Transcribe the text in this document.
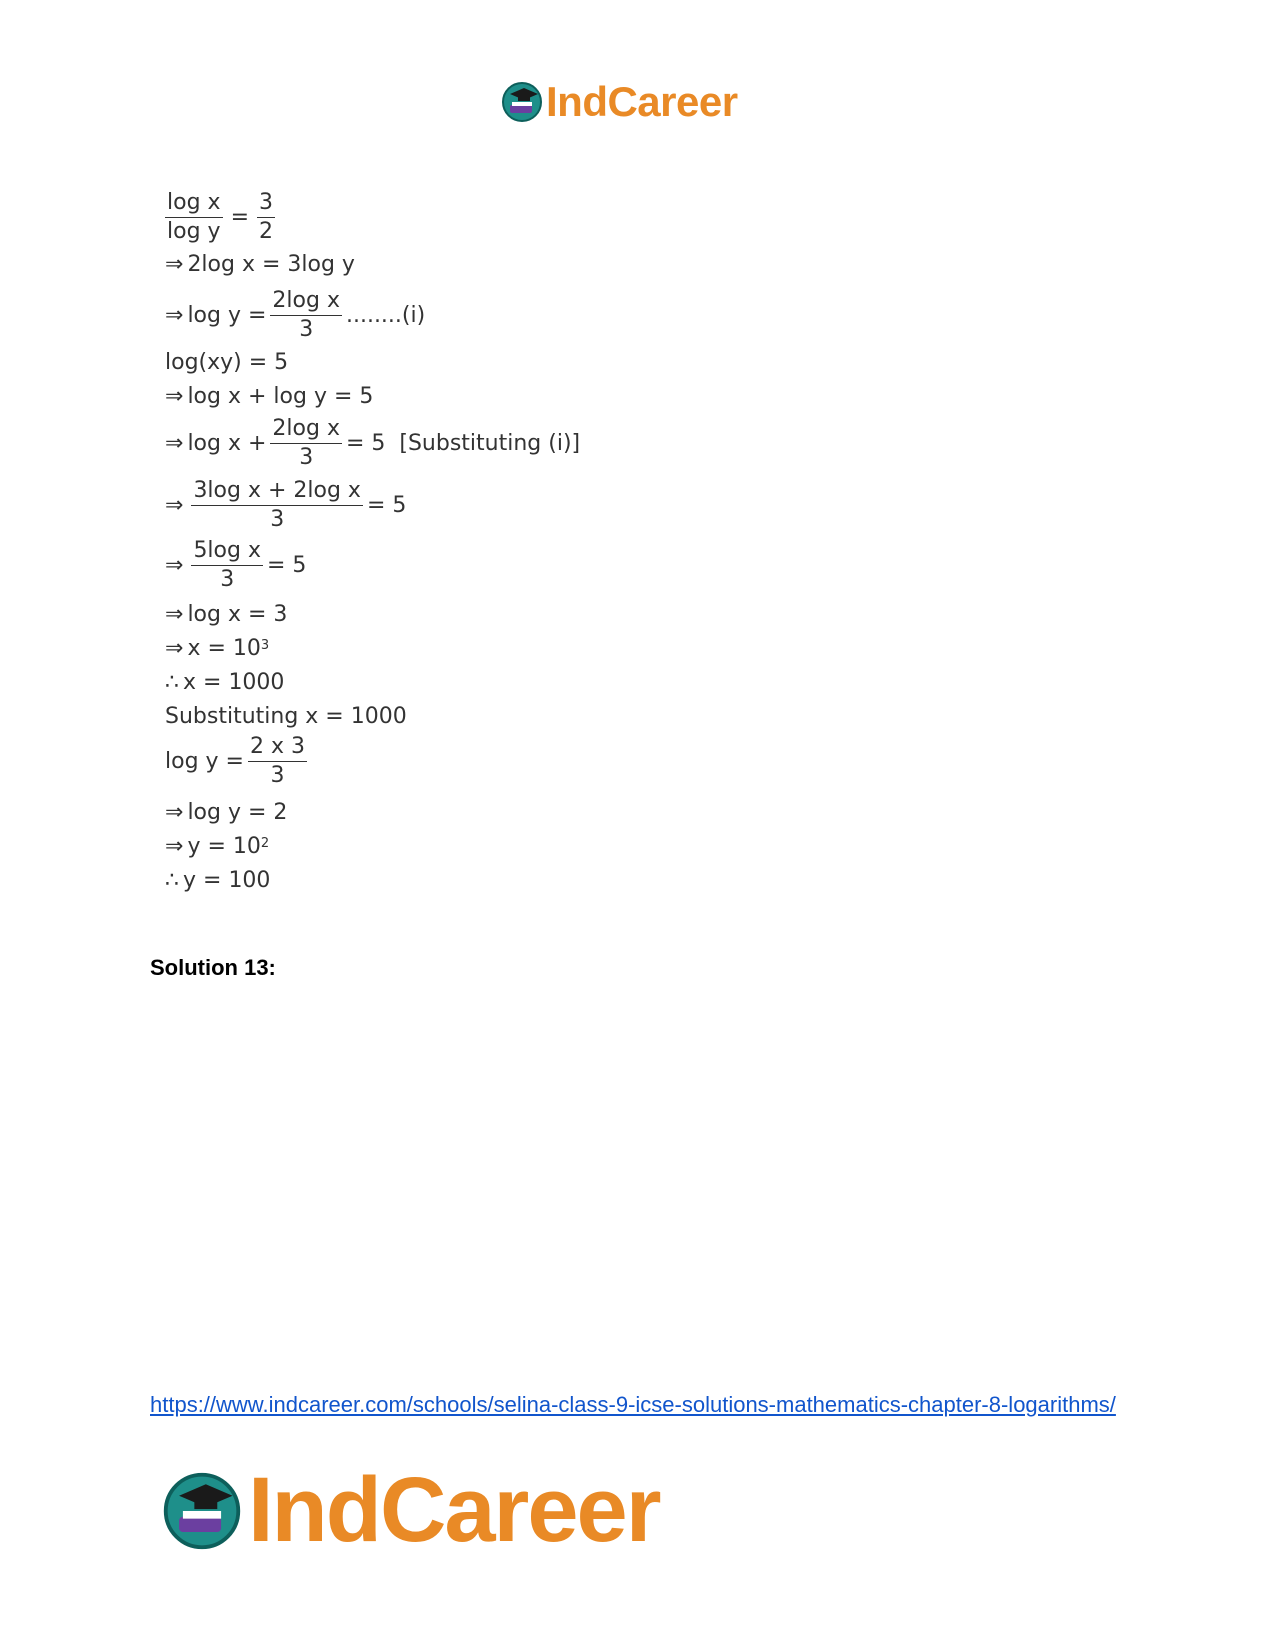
IndCareer
$\frac{\text{log x}}{\text{log y}} = \frac{3}{2}$
⇒ 2log x = 3log y
⇒ $\log y = \frac{\text{2log x}}{3} ........(i)$
log(xy) = 5
⇒ log x + log y = 5
⇒ $\log x + \frac{\text{2log x}}{3} = 5$  [Substituting (i)]
⇒ $\frac{\text{3log x + 2log x}}{3} = 5$
⇒ $\frac{\text{5log x}}{3} = 5$
⇒ log x = 3
⇒ $x = 10^3$
∴ x = 1000
Substituting x = 1000
$\log y = \frac{2 x 3}{3}$
⇒ log y = 2
⇒ $y = 10^2$
∴ y = 100
Solution 13:
https://www.indcareer.com/schools/selina-class-9-icse-solutions-mathematics-chapter-8-logarithms/
IndCareer
